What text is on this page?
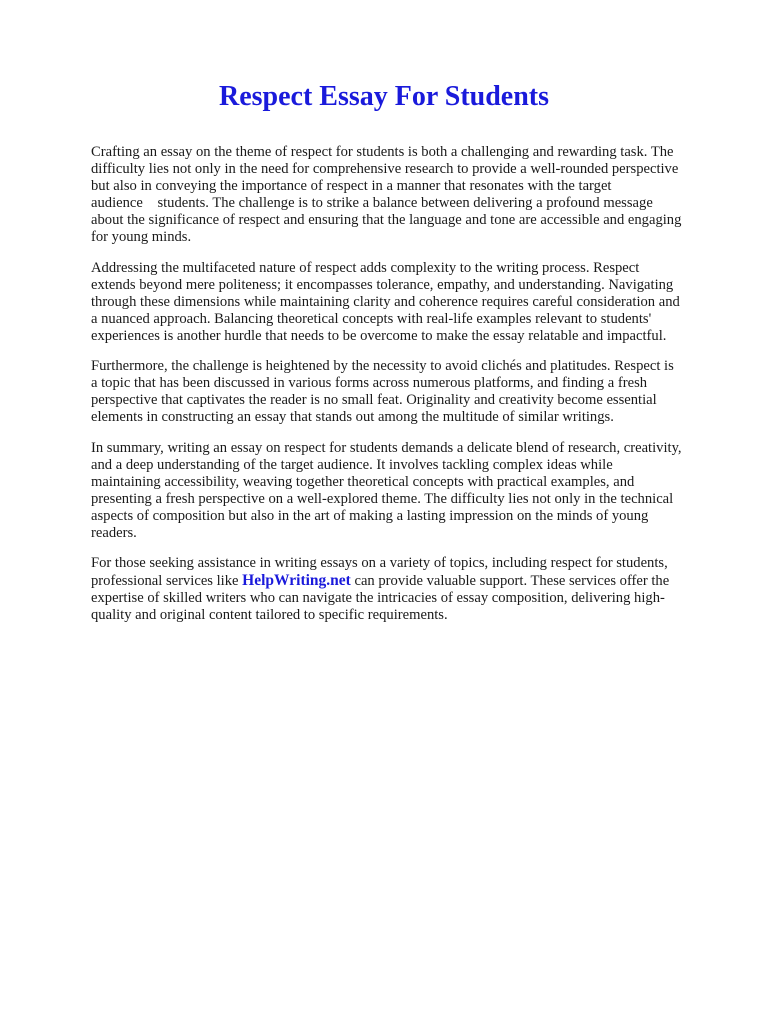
Respect Essay For Students

Crafting an essay on the theme of respect for students is both a challenging and rewarding task. The
difficulty lies not only in the need for comprehensive research to provide a well-rounded perspective
but also in conveying the importance of respect in a manner that resonates with the target
audience    students. The challenge is to strike a balance between delivering a profound message
about the significance of respect and ensuring that the language and tone are accessible and engaging
for young minds.

Addressing the multifaceted nature of respect adds complexity to the writing process. Respect
extends beyond mere politeness; it encompasses tolerance, empathy, and understanding. Navigating
through these dimensions while maintaining clarity and coherence requires careful consideration and
a nuanced approach. Balancing theoretical concepts with real-life examples relevant to students'
experiences is another hurdle that needs to be overcome to make the essay relatable and impactful.

Furthermore, the challenge is heightened by the necessity to avoid clichés and platitudes. Respect is
a topic that has been discussed in various forms across numerous platforms, and finding a fresh
perspective that captivates the reader is no small feat. Originality and creativity become essential
elements in constructing an essay that stands out among the multitude of similar writings.

In summary, writing an essay on respect for students demands a delicate blend of research, creativity,
and a deep understanding of the target audience. It involves tackling complex ideas while
maintaining accessibility, weaving together theoretical concepts with practical examples, and
presenting a fresh perspective on a well-explored theme. The difficulty lies not only in the technical
aspects of composition but also in the art of making a lasting impression on the minds of young
readers.

For those seeking assistance in writing essays on a variety of topics, including respect for students,
professional services like HelpWriting.net can provide valuable support. These services offer the
expertise of skilled writers who can navigate the intricacies of essay composition, delivering high-
quality and original content tailored to specific requirements.
